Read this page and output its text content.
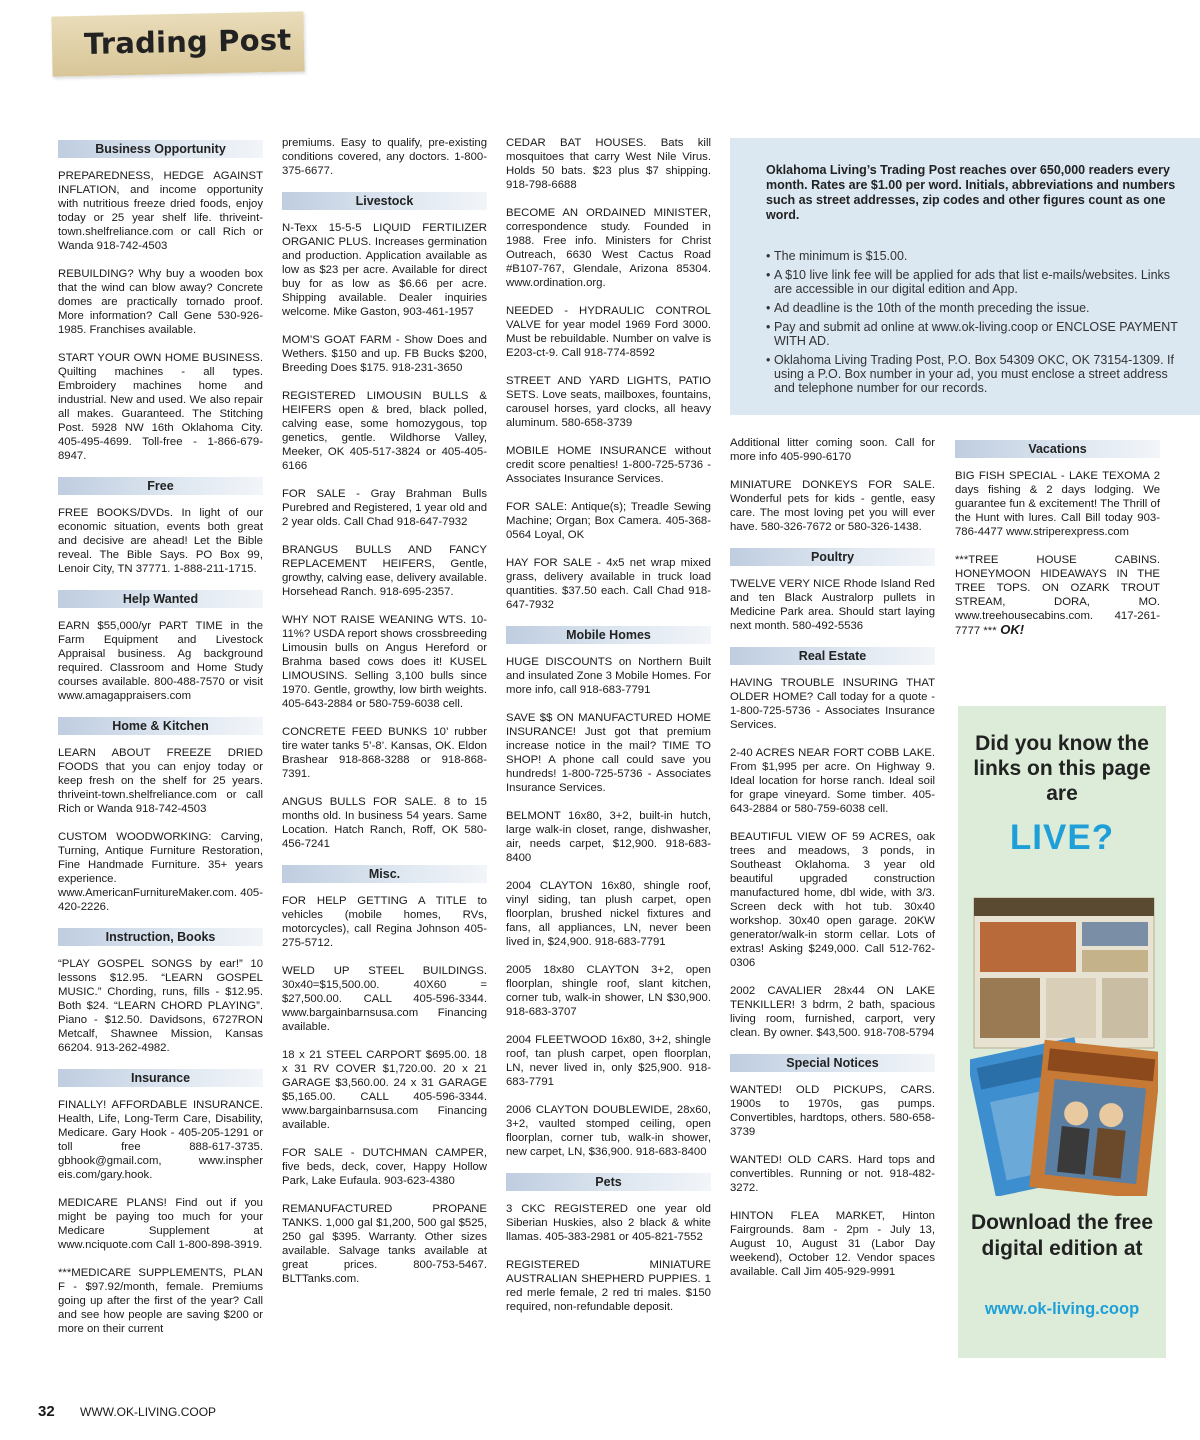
Trading Post
Business Opportunity
PREPAREDNESS, HEDGE AGAINST INFLATION, and income opportunity with nutritious freeze dried foods, enjoy today or 25 year shelf life. thriveint-town.shelfreliance.com or call Rich or Wanda 918-742-4503
REBUILDING? Why buy a wooden box that the wind can blow away? Concrete domes are practically tornado proof. More information? Call Gene 530-926-1985. Franchises available.
START YOUR OWN HOME BUSINESS. Quilting machines - all types. Embroidery machines home and industrial. New and used. We also repair all makes. Guaranteed. The Stitching Post. 5928 NW 16th Oklahoma City. 405-495-4699. Toll-free - 1-866-679-8947.
Free
FREE BOOKS/DVDs. In light of our economic situation, events both great and decisive are ahead! Let the Bible reveal. The Bible Says. PO Box 99, Lenoir City, TN 37771. 1-888-211-1715.
Help Wanted
EARN $55,000/yr PART TIME in the Farm Equipment and Livestock Appraisal business. Ag background required. Classroom and Home Study courses available. 800-488-7570 or visit www.amagappraisers.com
Home & Kitchen
LEARN ABOUT FREEZE DRIED FOODS that you can enjoy today or keep fresh on the shelf for 25 years. thriveint-town.shelfreliance.com or call Rich or Wanda 918-742-4503
CUSTOM WOODWORKING: Carving, Turning, Antique Furniture Restoration, Fine Handmade Furniture. 35+ years experience. www.AmericanFurnitureMaker.com. 405-420-2226.
Instruction, Books
“PLAY GOSPEL SONGS by ear!” 10 lessons $12.95. “LEARN GOSPEL MUSIC.” Chording, runs, fills - $12.95. Both $24. “LEARN CHORD PLAYING”. Piano - $12.50. Davidsons, 6727RON Metcalf, Shawnee Mission, Kansas 66204. 913-262-4982.
Insurance
FINALLY! AFFORDABLE INSURANCE. Health, Life, Long-Term Care, Disability, Medicare. Gary Hook - 405-205-1291 or toll free 888-617-3735. gbhook@gmail.com, www.inspher eis.com/gary.hook.
MEDICARE PLANS! Find out if you might be paying too much for your Medicare Supplement at www.nciquote.com Call 1-800-898-3919.
***MEDICARE SUPPLEMENTS, PLAN F - $97.92/month, female. Premiums going up after the first of the year? Call and see how people are saving $200 or more on their current
premiums. Easy to qualify, pre-existing conditions covered, any doctors. 1-800-375-6677.
Livestock
N-Texx 15-5-5 LIQUID FERTILIZER ORGANIC PLUS. Increases germination and production. Application available as low as $23 per acre. Available for direct buy for as low as $6.66 per acre. Shipping available. Dealer inquiries welcome. Mike Gaston, 903-461-1957
MOM’S GOAT FARM - Show Does and Wethers. $150 and up. FB Bucks $200, Breeding Does $175. 918-231-3650
REGISTERED LIMOUSIN BULLS & HEIFERS open & bred, black polled, calving ease, some homozygous, top genetics, gentle. Wildhorse Valley, Meeker, OK 405-517-3824 or 405-405-6166
FOR SALE - Gray Brahman Bulls Purebred and Registered, 1 year old and 2 year olds. Call Chad 918-647-7932
BRANGUS BULLS AND FANCY REPLACEMENT HEIFERS, Gentle, growthy, calving ease, delivery available. Horsehead Ranch. 918-695-2357.
WHY NOT RAISE WEANING WTS. 10-11%? USDA report shows crossbreeding Limousin bulls on Angus Hereford or Brahma based cows does it! KUSEL LIMOUSINS. Selling 3,100 bulls since 1970. Gentle, growthy, low birth weights. 405-643-2884 or 580-759-6038 cell.
CONCRETE FEED BUNKS 10’ rubber tire water tanks 5’-8’. Kansas, OK. Eldon Brashear 918-868-3288 or 918-868-7391.
ANGUS BULLS FOR SALE. 8 to 15 months old. In business 54 years. Same Location. Hatch Ranch, Roff, OK 580-456-7241
Misc.
FOR HELP GETTING A TITLE to vehicles (mobile homes, RVs, motorcycles), call Regina Johnson 405-275-5712.
WELD UP STEEL BUILDINGS. 30x40=$15,500.00. 40X60 = $27,500.00. CALL 405-596-3344. www.bargainbarnsusa.com Financing available.
18 x 21 STEEL CARPORT $695.00. 18 x 31 RV COVER $1,720.00. 20 x 21 GARAGE $3,560.00. 24 x 31 GARAGE $5,165.00. CALL 405-596-3344. www.bargainbarnsusa.com Financing available.
FOR SALE - DUTCHMAN CAMPER, five beds, deck, cover, Happy Hollow Park, Lake Eufaula. 903-623-4380
REMANUFACTURED PROPANE TANKS. 1,000 gal $1,200, 500 gal $525, 250 gal $395. Warranty. Other sizes available. Salvage tanks available at great prices. 800-753-5467. BLTTanks.com.
CEDAR BAT HOUSES. Bats kill mosquitoes that carry West Nile Virus. Holds 50 bats. $23 plus $7 shipping. 918-798-6688
BECOME AN ORDAINED MINISTER, correspondence study. Founded in 1988. Free info. Ministers for Christ Outreach, 6630 West Cactus Road #B107-767, Glendale, Arizona 85304. www.ordination.org.
NEEDED - HYDRAULIC CONTROL VALVE for year model 1969 Ford 3000. Must be rebuildable. Number on valve is E203-ct-9. Call 918-774-8592
STREET AND YARD LIGHTS, PATIO SETS. Love seats, mailboxes, fountains, carousel horses, yard clocks, all heavy aluminum. 580-658-3739
MOBILE HOME INSURANCE without credit score penalties! 1-800-725-5736 - Associates Insurance Services.
FOR SALE: Antique(s); Treadle Sewing Machine; Organ; Box Camera. 405-368-0564 Loyal, OK
HAY FOR SALE - 4x5 net wrap mixed grass, delivery available in truck load quantities. $37.50 each. Call Chad 918-647-7932
Mobile Homes
HUGE DISCOUNTS on Northern Built and insulated Zone 3 Mobile Homes. For more info, call 918-683-7791
SAVE $$ ON MANUFACTURED HOME INSURANCE! Just got that premium increase notice in the mail? TIME TO SHOP! A phone call could save you hundreds! 1-800-725-5736 - Associates Insurance Services.
BELMONT 16x80, 3+2, built-in hutch, large walk-in closet, range, dishwasher, air, needs carpet, $12,900. 918-683-8400
2004 CLAYTON 16x80, shingle roof, vinyl siding, tan plush carpet, open floorplan, brushed nickel fixtures and fans, all appliances, LN, never been lived in, $24,900. 918-683-7791
2005 18x80 CLAYTON 3+2, open floorplan, shingle roof, slant kitchen, corner tub, walk-in shower, LN $30,900. 918-683-3707
2004 FLEETWOOD 16x80, 3+2, shingle roof, tan plush carpet, open floorplan, LN, never lived in, only $25,900. 918-683-7791
2006 CLAYTON DOUBLEWIDE, 28x60, 3+2, vaulted stomped ceiling, open floorplan, corner tub, walk-in shower, new carpet, LN, $36,900. 918-683-8400
Pets
3 CKC REGISTERED one year old Siberian Huskies, also 2 black & white llamas. 405-383-2981 or 405-821-7552
REGISTERED MINIATURE AUSTRALIAN SHEPHERD PUPPIES. 1 red merle female, 2 red tri males. $150 required, non-refundable deposit.
Additional litter coming soon. Call for more info 405-990-6170
MINIATURE DONKEYS FOR SALE. Wonderful pets for kids - gentle, easy care. The most loving pet you will ever have. 580-326-7672 or 580-326-1438.
Poultry
TWELVE VERY NICE Rhode Island Red and ten Black Australorp pullets in Medicine Park area. Should start laying next month. 580-492-5536
Real Estate
HAVING TROUBLE INSURING THAT OLDER HOME? Call today for a quote - 1-800-725-5736 - Associates Insurance Services.
2-40 ACRES NEAR FORT COBB LAKE. From $1,995 per acre. On Highway 9. Ideal location for horse ranch. Ideal soil for grape vineyard. Some timber. 405-643-2884 or 580-759-6038 cell.
BEAUTIFUL VIEW OF 59 ACRES, oak trees and meadows, 3 ponds, in Southeast Oklahoma. 3 year old beautiful upgraded construction manufactured home, dbl wide, with 3/3. Screen deck with hot tub. 30x40 workshop. 30x40 open garage. 20KW generator/walk-in storm cellar. Lots of extras! Asking $249,000. Call 512-762-0306
2002 CAVALIER 28x44 ON LAKE TENKILLER! 3 bdrm, 2 bath, spacious living room, furnished, carport, very clean. By owner. $43,500. 918-708-5794
Special Notices
WANTED! OLD PICKUPS, CARS. 1900s to 1970s, gas pumps. Convertibles, hardtops, others. 580-658-3739
WANTED! OLD CARS. Hard tops and convertibles. Running or not. 918-482-3272.
HINTON FLEA MARKET, Hinton Fairgrounds. 8am - 2pm - July 13, August 10, August 31 (Labor Day weekend), October 12. Vendor spaces available. Call Jim 405-929-9991
Vacations
BIG FISH SPECIAL - LAKE TEXOMA 2 days fishing & 2 days lodging. We guarantee fun & excitement! The Thrill of the Hunt with lures. Call Bill today 903-786-4477 www.striperexpress.com
***TREE HOUSE CABINS. HONEYMOON HIDEAWAYS IN THE TREE TOPS. ON OZARK TROUT STREAM, DORA, MO. www.treehousecabins.com. 417-261-7777 *** OK!
Oklahoma Living’s Trading Post reaches over 650,000 readers every month. Rates are $1.00 per word. Initials, abbreviations and numbers such as street addresses, zip codes and other figures count as one word.
• The minimum is $15.00.
• A $10 live link fee will be applied for ads that list e-mails/websites. Links are accessible in our digital edition and App.
• Ad deadline is the 10th of the month preceding the issue.
• Pay and submit ad online at www.ok-living.coop or ENCLOSE PAYMENT WITH AD.
• Oklahoma Living Trading Post, P.O. Box 54309 OKC, OK 73154-1309. If using a P.O. Box number in your ad, you must enclose a street address and telephone number for our records.
Did you know the links on this page are
LIVE?
Download the free digital edition at
www.ok-living.coop
32 WWW.OK-LIVING.COOP
